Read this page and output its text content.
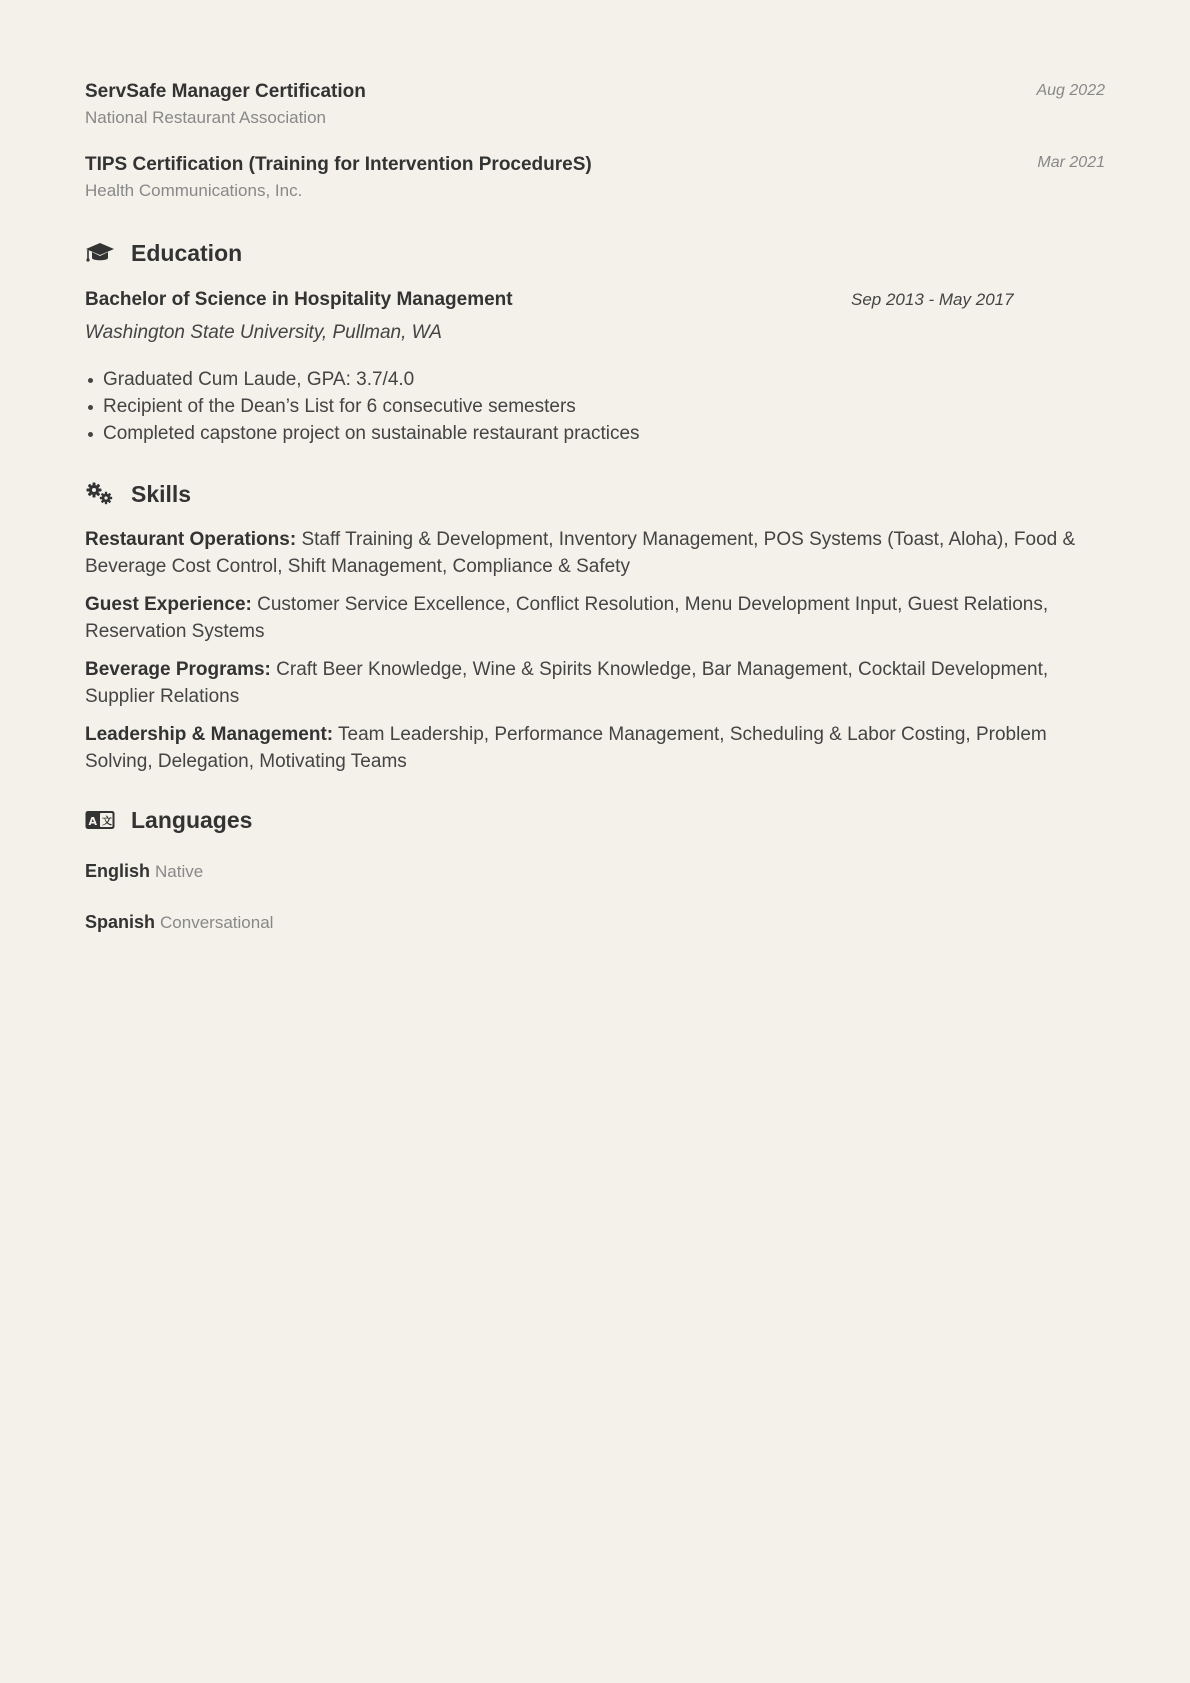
ServSafe Manager Certification
National Restaurant Association
Aug 2022
TIPS Certification (Training for Intervention ProcedureS)
Health Communications, Inc.
Mar 2021
Education
Bachelor of Science in Hospitality Management	Sep 2013 - May 2017
Washington State University, Pullman, WA
Graduated Cum Laude, GPA: 3.7/4.0
Recipient of the Dean’s List for 6 consecutive semesters
Completed capstone project on sustainable restaurant practices
Skills
Restaurant Operations: Staff Training & Development, Inventory Management, POS Systems (Toast, Aloha), Food & Beverage Cost Control, Shift Management, Compliance & Safety
Guest Experience: Customer Service Excellence, Conflict Resolution, Menu Development Input, Guest Relations, Reservation Systems
Beverage Programs: Craft Beer Knowledge, Wine & Spirits Knowledge, Bar Management, Cocktail Development, Supplier Relations
Leadership & Management: Team Leadership, Performance Management, Scheduling & Labor Costing, Problem Solving, Delegation, Motivating Teams
A 文 Languages
English Native
Spanish Conversational
